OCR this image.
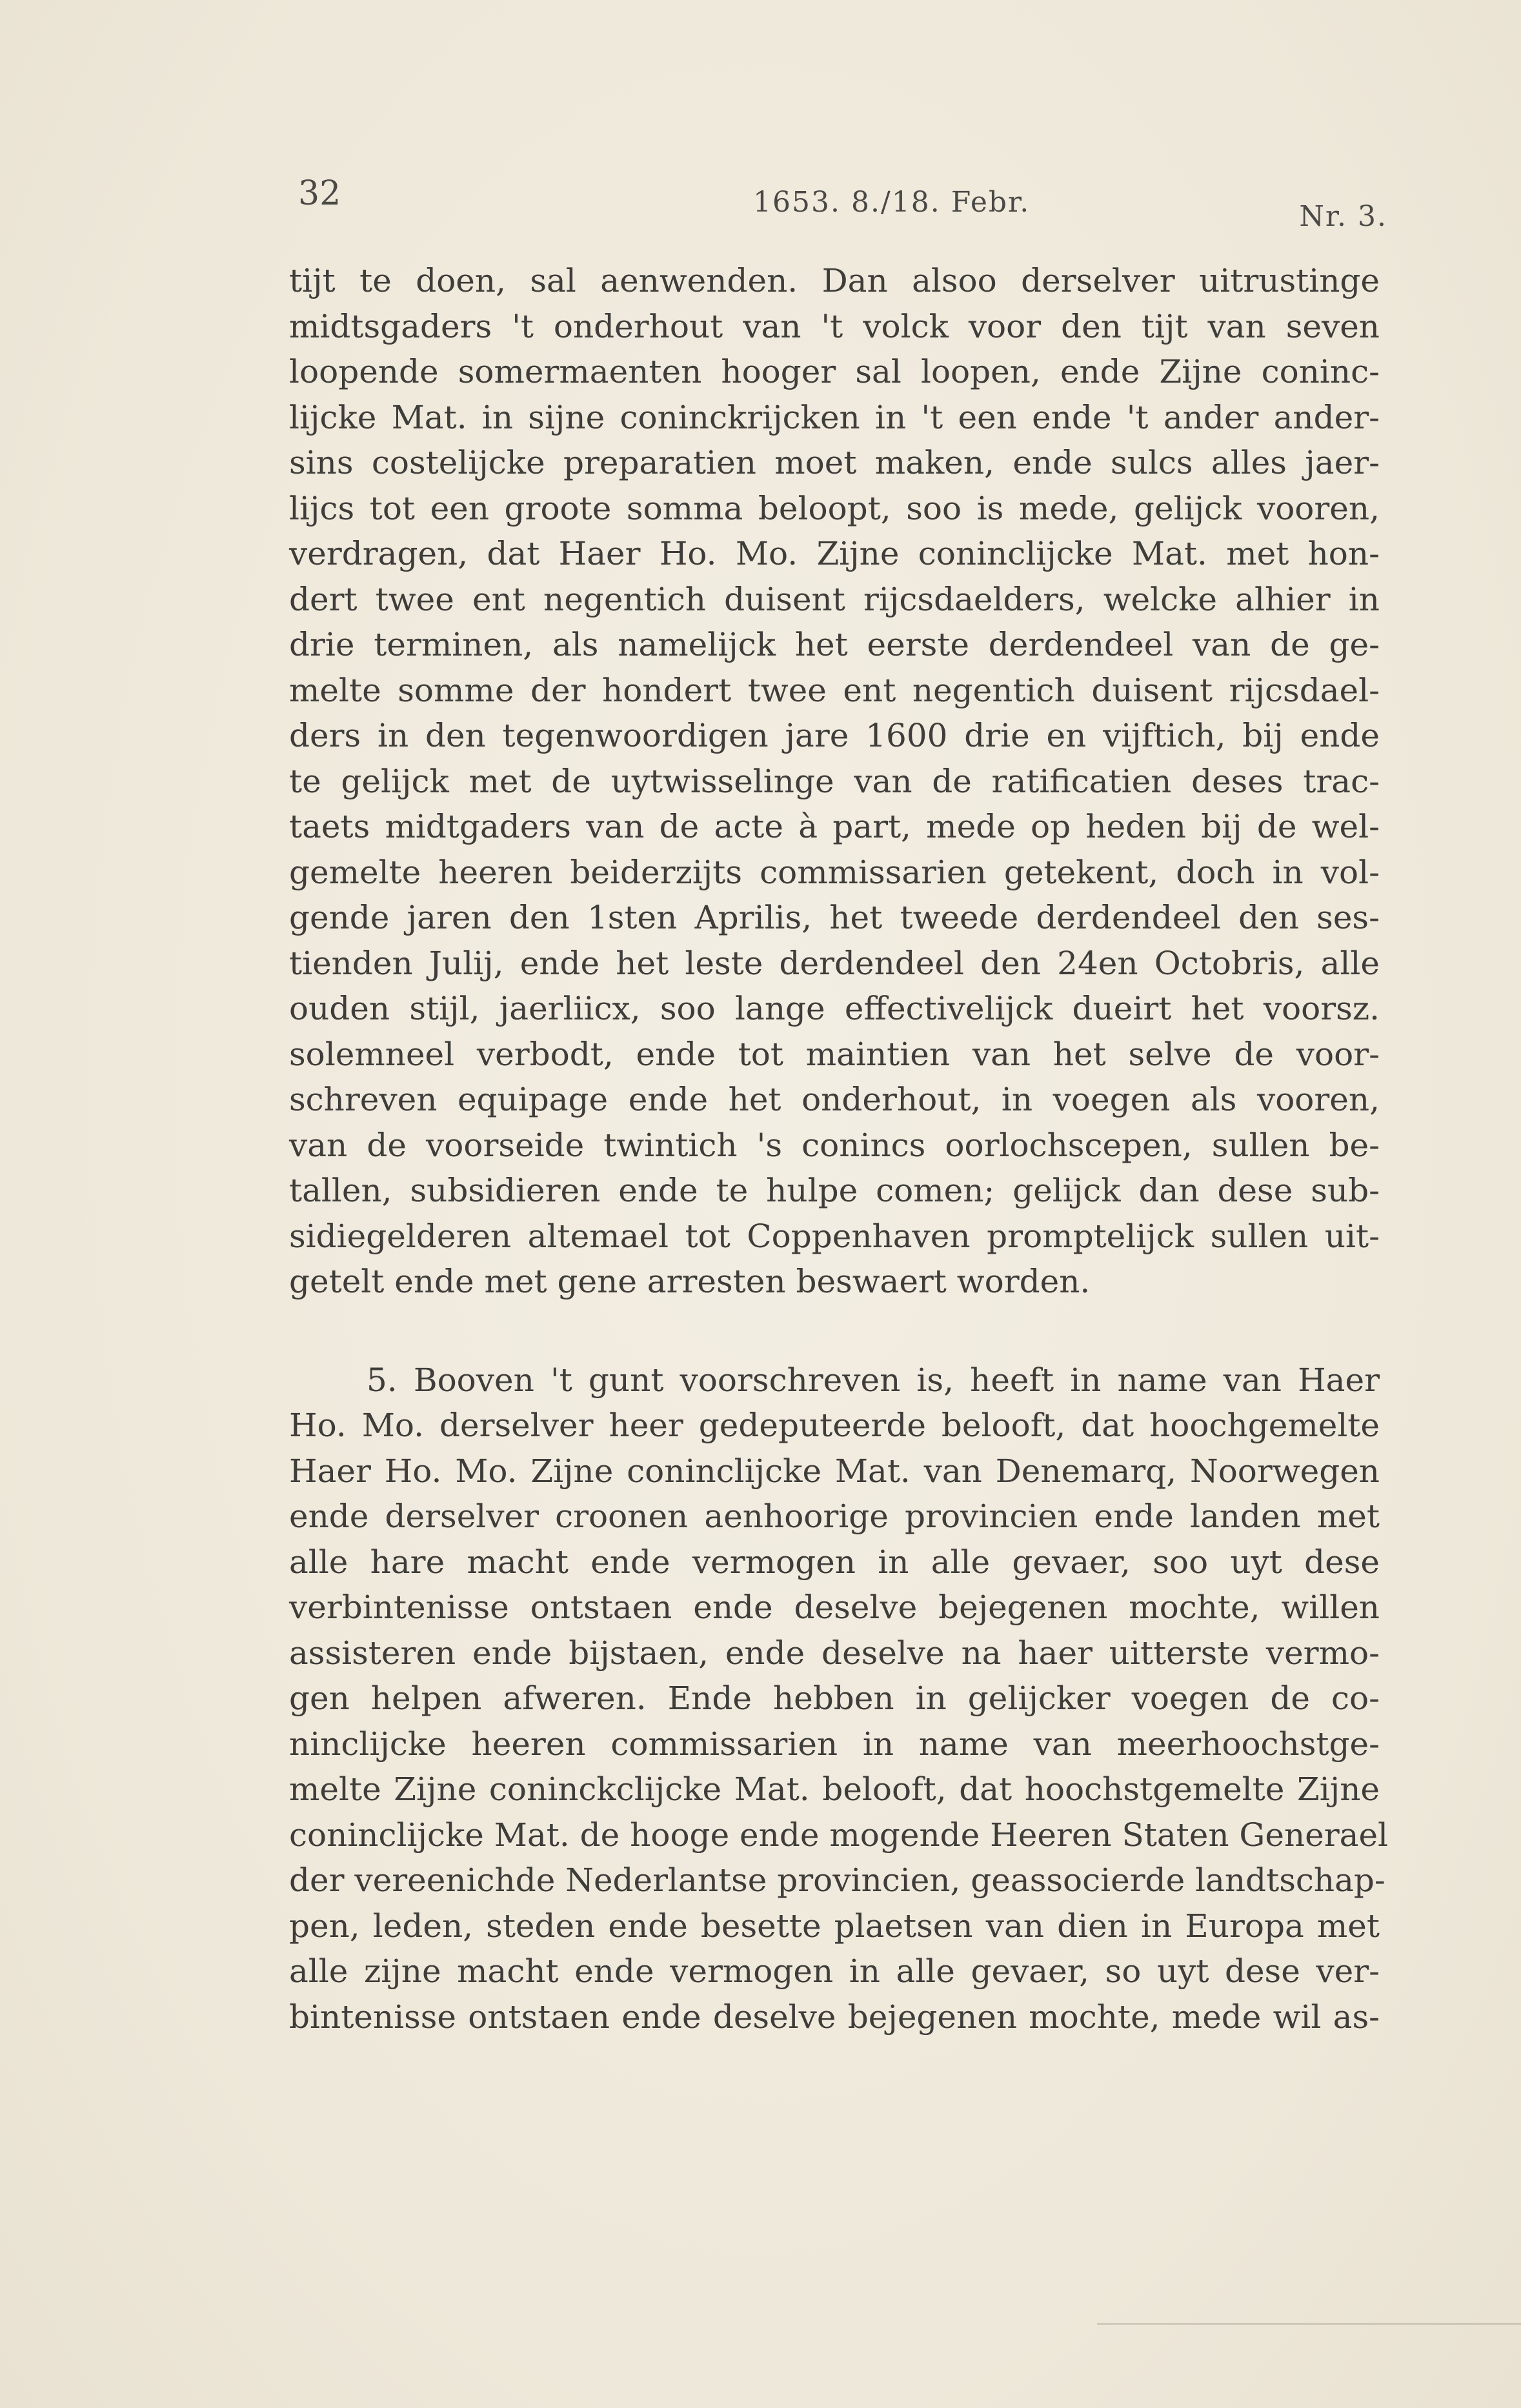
32	1653. 8./18. Febr.	Nr. 3.
tijt te doen, sal aenwenden. Dan alsoo derselver uitrustinge
midtsgaders 't onderhout van 't volck voor den tijt van seven
loopende somermaenten hooger sal loopen, ende Zijne coninc-
lijcke Mat. in sijne coninckrijcken in 't een ende 't ander ander-
sins costelijcke preparatien moet maken, ende sulcs alles jaer-
lijcs tot een groote somma beloopt, soo is mede, gelijck vooren,
verdragen, dat Haer Ho. Mo. Zijne coninclijcke Mat. met hon-
dert twee ent negentich duisent rijcsdaelders, welcke alhier in
drie terminen, als namelijck het eerste derdendeel van de ge-
melte somme der hondert twee ent negentich duisent rijcsdael-
ders in den tegenwoordigen jare 1600 drie en vijftich, bij ende
te gelijck met de uytwisselinge van de ratificatien deses trac-
taets midtgaders van de acte à part, mede op heden bij de wel-
gemelte heeren beiderzijts commissarien getekent, doch in vol-
gende jaren den 1sten Aprilis, het tweede derdendeel den ses-
tienden Julij, ende het leste derdendeel den 24en Octobris, alle
ouden stijl, jaerliicx, soo lange effectivelijck dueirt het voorsz.
solemneel verbodt, ende tot maintien van het selve de voor-
schreven equipage ende het onderhout, in voegen als vooren,
van de voorseide twintich 's conincs oorlochscepen, sullen be-
tallen, subsidieren ende te hulpe comen; gelijck dan dese sub-
sidiegelderen altemael tot Coppenhaven promptelijck sullen uit-
getelt ende met gene arresten beswaert worden.
5. Booven 't gunt voorschreven is, heeft in name van Haer
Ho. Mo. derselver heer gedeputeerde belooft, dat hoochgemelte
Haer Ho. Mo. Zijne coninclijcke Mat. van Denemarq, Noorwegen
ende derselver croonen aenhoorige provincien ende landen met
alle hare macht ende vermogen in alle gevaer, soo uyt dese
verbintenisse ontstaen ende deselve bejegenen mochte, willen
assisteren ende bijstaen, ende deselve na haer uitterste vermo-
gen helpen afweren. Ende hebben in gelijcker voegen de co-
ninclijcke heeren commissarien in name van meerhoochstge-
melte Zijne coninckclijcke Mat. belooft, dat hoochstgemelte Zijne
coninclijcke Mat. de hooge ende mogende Heeren Staten Generael
der vereenichde Nederlantse provincien, geassocierde landtschap-
pen, leden, steden ende besette plaetsen van dien in Europa met
alle zijne macht ende vermogen in alle gevaer, so uyt dese ver-
bintenisse ontstaen ende deselve bejegenen mochte, mede wil as-
